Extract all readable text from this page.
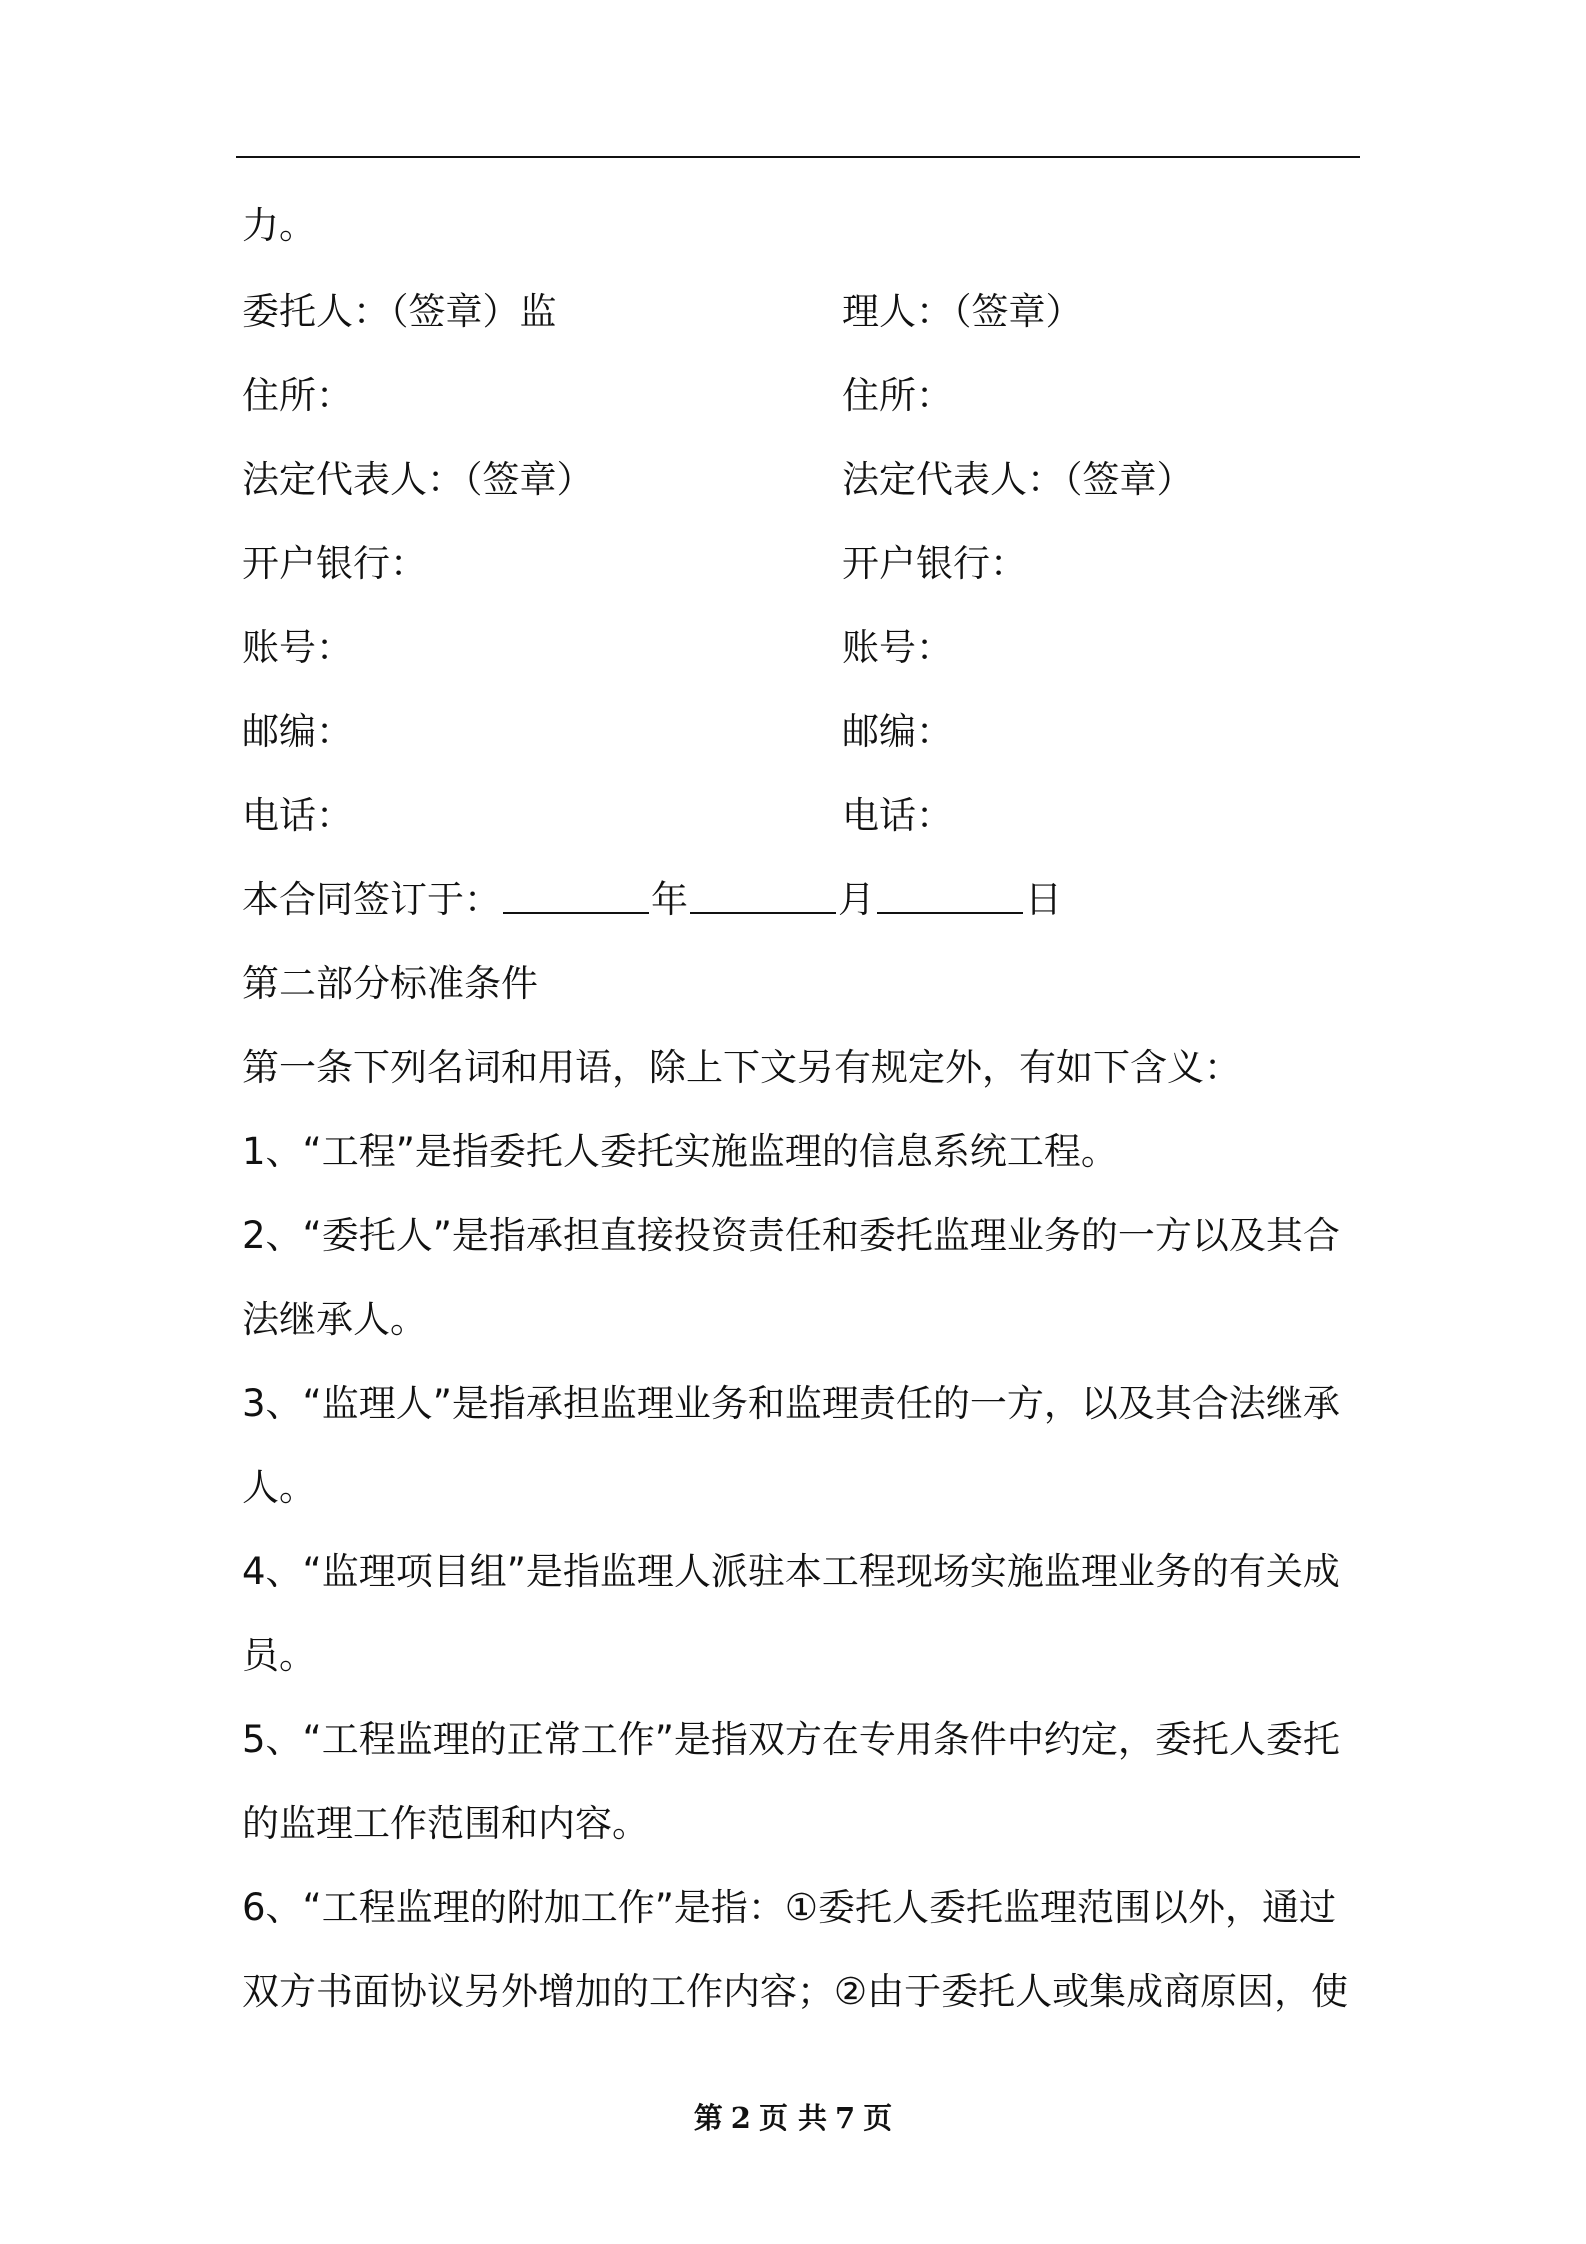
力。
委托人：（签章）监	理人：（签章）
住所：	住所：
法定代表人：（签章）	法定代表人：（签章）
开户银行：	开户银行：
账号：	账号：
邮编：	邮编：
电话：	电话：
本合同签订于：	年	月	日
第二部分标准条件
第一条下列名词和用语，除上下文另有规定外，有如下含义：
1、“工程”是指委托人委托实施监理的信息系统工程。
2、“委托人”是指承担直接投资责任和委托监理业务的一方以及其合
法继承人。
3、“监理人”是指承担监理业务和监理责任的一方，以及其合法继承
人。
4、“监理项目组”是指监理人派驻本工程现场实施监理业务的有关成
员。
5、“工程监理的正常工作”是指双方在专用条件中约定，委托人委托
的监理工作范围和内容。
6、“工程监理的附加工作”是指：①委托人委托监理范围以外，通过
双方书面协议另外增加的工作内容；②由于委托人或集成商原因，使
第 2 页 共 7 页
